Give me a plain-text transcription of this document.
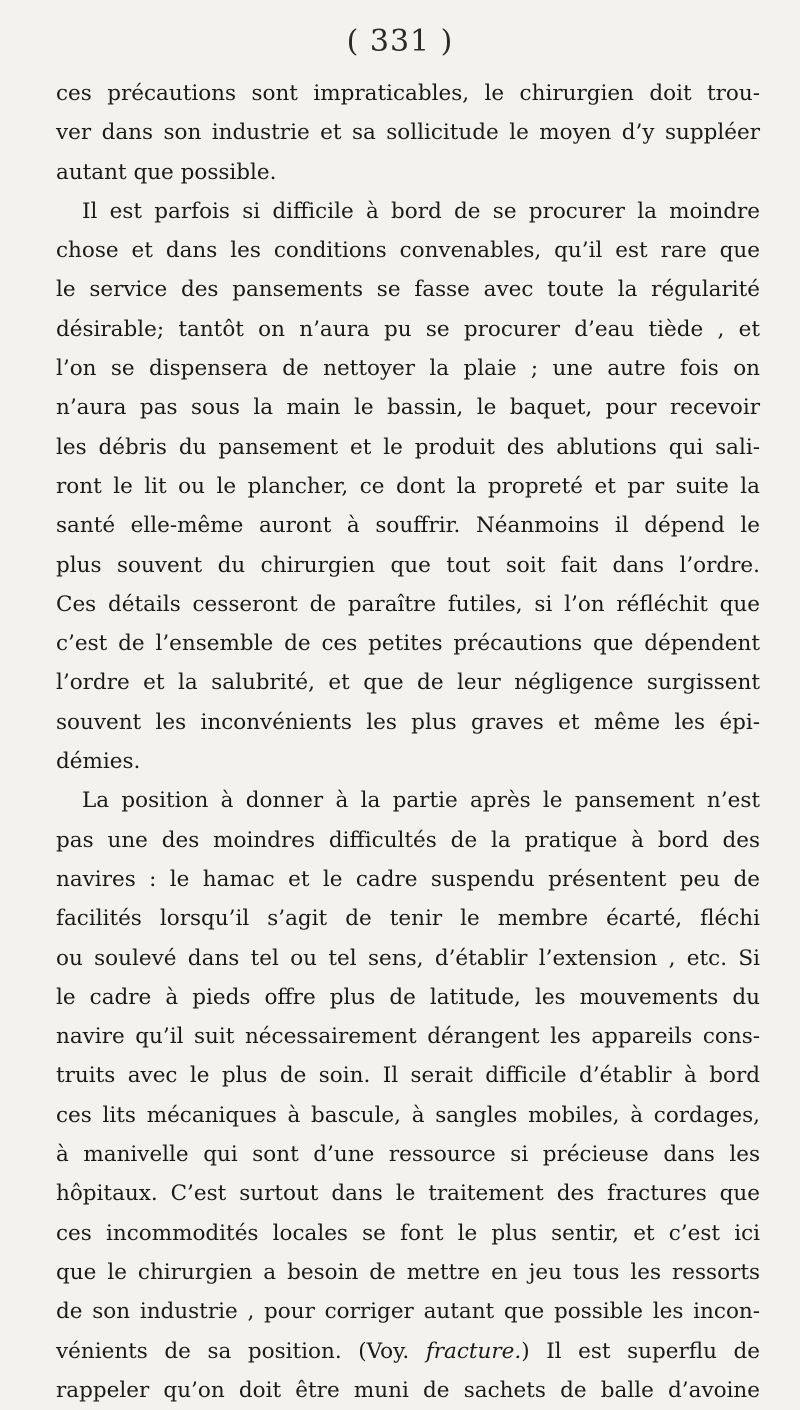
( 331 )
ces précautions sont impraticables, le chirurgien doit trou-
ver dans son industrie et sa sollicitude le moyen d’y suppléer
autant que possible.
Il est parfois si difficile à bord de se procurer la moindre
chose et dans les conditions convenables, qu’il est rare que
le service des pansements se fasse avec toute la régularité
désirable; tantôt on n’aura pu se procurer d’eau tiède , et
l’on se dispensera de nettoyer la plaie ; une autre fois on
n’aura pas sous la main le bassin, le baquet, pour recevoir
les débris du pansement et le produit des ablutions qui sali-
ront le lit ou le plancher, ce dont la propreté et par suite la
santé elle-même auront à souffrir. Néanmoins il dépend le
plus souvent du chirurgien que tout soit fait dans l’ordre.
Ces détails cesseront de paraître futiles, si l’on réfléchit que
c’est de l’ensemble de ces petites précautions que dépendent
l’ordre et la salubrité, et que de leur négligence surgissent
souvent les inconvénients les plus graves et même les épi-
démies.
La position à donner à la partie après le pansement n’est
pas une des moindres difficultés de la pratique à bord des
navires : le hamac et le cadre suspendu présentent peu de
facilités lorsqu’il s’agit de tenir le membre écarté, fléchi
ou soulevé dans tel ou tel sens, d’établir l’extension , etc. Si
le cadre à pieds offre plus de latitude, les mouvements du
navire qu’il suit nécessairement dérangent les appareils cons-
truits avec le plus de soin. Il serait difficile d’établir à bord
ces lits mécaniques à bascule, à sangles mobiles, à cordages,
à manivelle qui sont d’une ressource si précieuse dans les
hôpitaux. C’est surtout dans le traitement des fractures que
ces incommodités locales se font le plus sentir, et c’est ici
que le chirurgien a besoin de mettre en jeu tous les ressorts
de son industrie , pour corriger autant que possible les incon-
vénients de sa position. (Voy. fracture.) Il est superflu de
rappeler qu’on doit être muni de sachets de balle d’avoine
